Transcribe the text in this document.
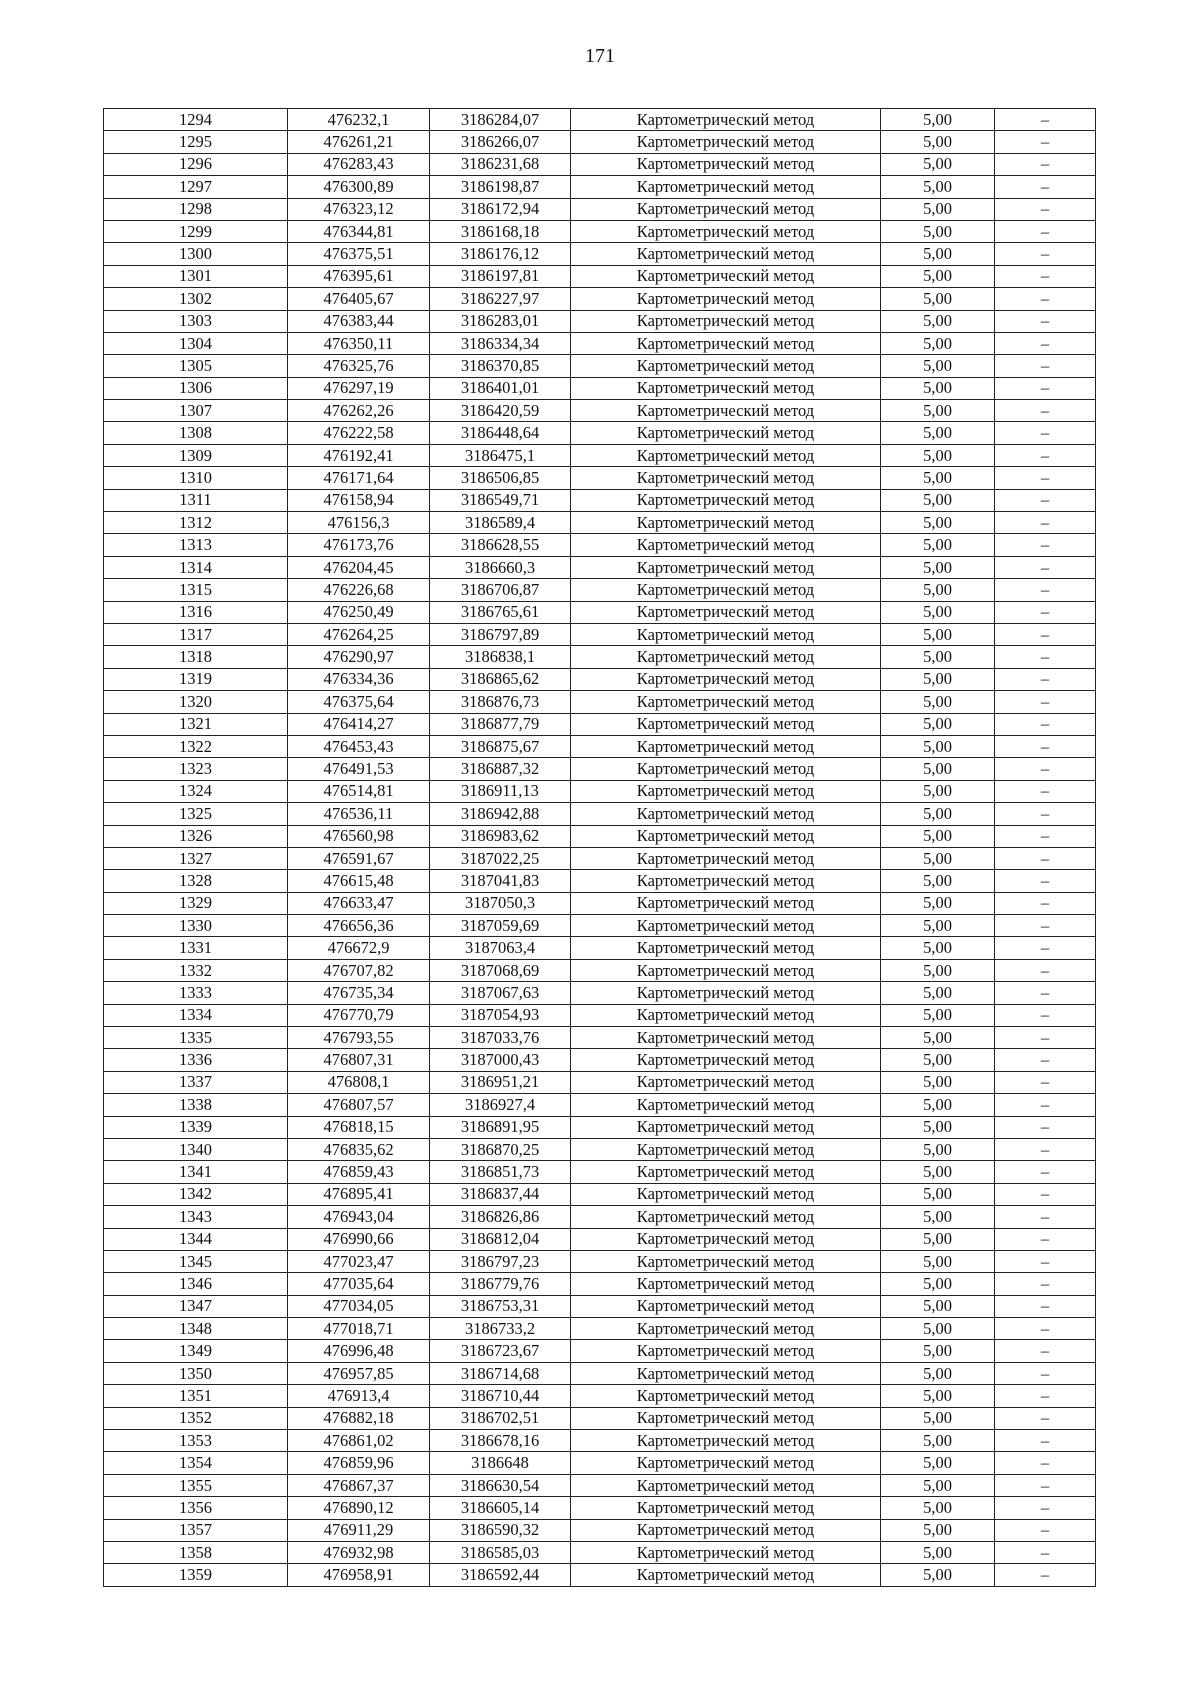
171
1294	476232,1	3186284,07	Картометрический метод	5,00	–
1295	476261,21	3186266,07	Картометрический метод	5,00	–
1296	476283,43	3186231,68	Картометрический метод	5,00	–
1297	476300,89	3186198,87	Картометрический метод	5,00	–
1298	476323,12	3186172,94	Картометрический метод	5,00	–
1299	476344,81	3186168,18	Картометрический метод	5,00	–
1300	476375,51	3186176,12	Картометрический метод	5,00	–
1301	476395,61	3186197,81	Картометрический метод	5,00	–
1302	476405,67	3186227,97	Картометрический метод	5,00	–
1303	476383,44	3186283,01	Картометрический метод	5,00	–
1304	476350,11	3186334,34	Картометрический метод	5,00	–
1305	476325,76	3186370,85	Картометрический метод	5,00	–
1306	476297,19	3186401,01	Картометрический метод	5,00	–
1307	476262,26	3186420,59	Картометрический метод	5,00	–
1308	476222,58	3186448,64	Картометрический метод	5,00	–
1309	476192,41	3186475,1	Картометрический метод	5,00	–
1310	476171,64	3186506,85	Картометрический метод	5,00	–
1311	476158,94	3186549,71	Картометрический метод	5,00	–
1312	476156,3	3186589,4	Картометрический метод	5,00	–
1313	476173,76	3186628,55	Картометрический метод	5,00	–
1314	476204,45	3186660,3	Картометрический метод	5,00	–
1315	476226,68	3186706,87	Картометрический метод	5,00	–
1316	476250,49	3186765,61	Картометрический метод	5,00	–
1317	476264,25	3186797,89	Картометрический метод	5,00	–
1318	476290,97	3186838,1	Картометрический метод	5,00	–
1319	476334,36	3186865,62	Картометрический метод	5,00	–
1320	476375,64	3186876,73	Картометрический метод	5,00	–
1321	476414,27	3186877,79	Картометрический метод	5,00	–
1322	476453,43	3186875,67	Картометрический метод	5,00	–
1323	476491,53	3186887,32	Картометрический метод	5,00	–
1324	476514,81	3186911,13	Картометрический метод	5,00	–
1325	476536,11	3186942,88	Картометрический метод	5,00	–
1326	476560,98	3186983,62	Картометрический метод	5,00	–
1327	476591,67	3187022,25	Картометрический метод	5,00	–
1328	476615,48	3187041,83	Картометрический метод	5,00	–
1329	476633,47	3187050,3	Картометрический метод	5,00	–
1330	476656,36	3187059,69	Картометрический метод	5,00	–
1331	476672,9	3187063,4	Картометрический метод	5,00	–
1332	476707,82	3187068,69	Картометрический метод	5,00	–
1333	476735,34	3187067,63	Картометрический метод	5,00	–
1334	476770,79	3187054,93	Картометрический метод	5,00	–
1335	476793,55	3187033,76	Картометрический метод	5,00	–
1336	476807,31	3187000,43	Картометрический метод	5,00	–
1337	476808,1	3186951,21	Картометрический метод	5,00	–
1338	476807,57	3186927,4	Картометрический метод	5,00	–
1339	476818,15	3186891,95	Картометрический метод	5,00	–
1340	476835,62	3186870,25	Картометрический метод	5,00	–
1341	476859,43	3186851,73	Картометрический метод	5,00	–
1342	476895,41	3186837,44	Картометрический метод	5,00	–
1343	476943,04	3186826,86	Картометрический метод	5,00	–
1344	476990,66	3186812,04	Картометрический метод	5,00	–
1345	477023,47	3186797,23	Картометрический метод	5,00	–
1346	477035,64	3186779,76	Картометрический метод	5,00	–
1347	477034,05	3186753,31	Картометрический метод	5,00	–
1348	477018,71	3186733,2	Картометрический метод	5,00	–
1349	476996,48	3186723,67	Картометрический метод	5,00	–
1350	476957,85	3186714,68	Картометрический метод	5,00	–
1351	476913,4	3186710,44	Картометрический метод	5,00	–
1352	476882,18	3186702,51	Картометрический метод	5,00	–
1353	476861,02	3186678,16	Картометрический метод	5,00	–
1354	476859,96	3186648	Картометрический метод	5,00	–
1355	476867,37	3186630,54	Картометрический метод	5,00	–
1356	476890,12	3186605,14	Картометрический метод	5,00	–
1357	476911,29	3186590,32	Картометрический метод	5,00	–
1358	476932,98	3186585,03	Картометрический метод	5,00	–
1359	476958,91	3186592,44	Картометрический метод	5,00	–
